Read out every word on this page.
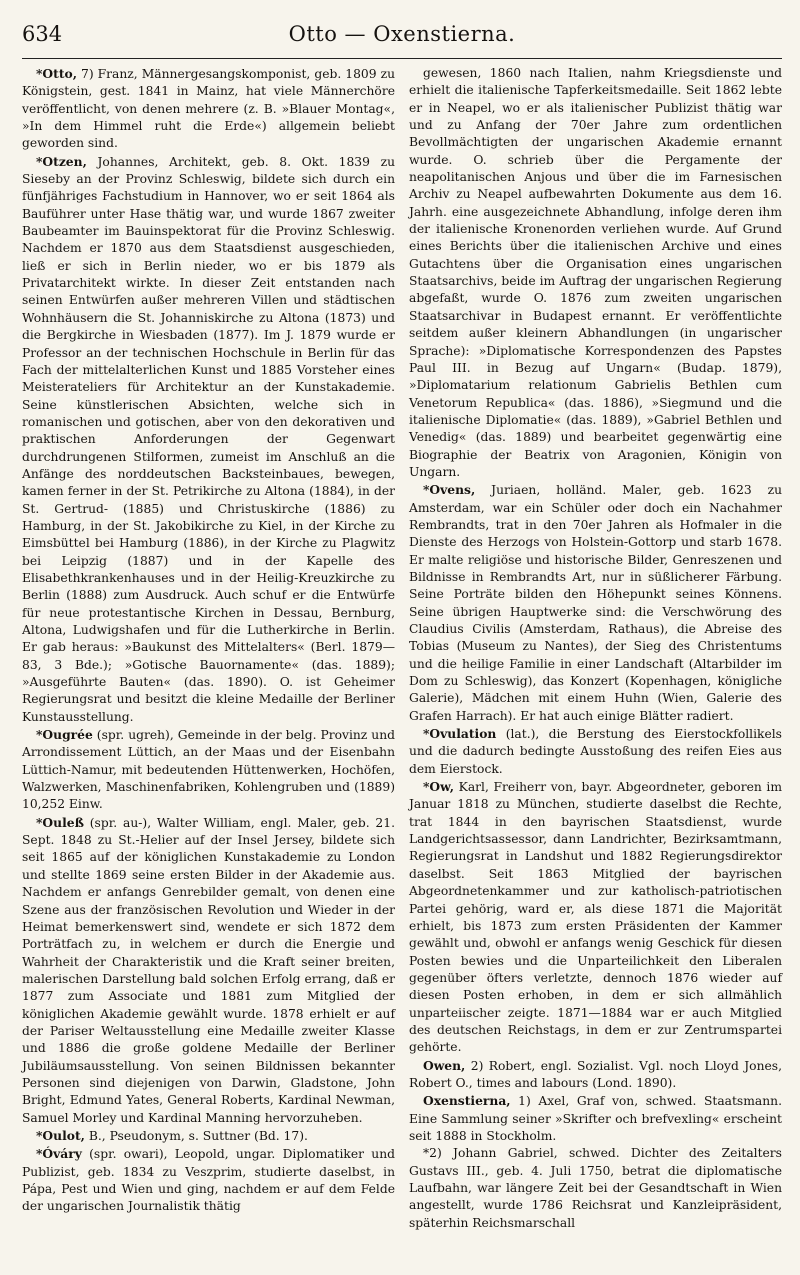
634	Otto — Oxenstierna.

*Otto, 7) Franz, Männergesangskomponist, geb. 1809 zu Königstein, gest. 1841 in Mainz, hat viele Männerchöre veröffentlicht, von denen mehrere (z. B. »Blauer Montag«, »In dem Himmel ruht die Erde«) allgemein beliebt geworden sind.

*Otzen, Johannes, Architekt, geb. 8. Okt. 1839 zu Sieseby an der Provinz Schleswig, bildete sich durch ein fünfjähriges Fachstudium in Hannover, wo er seit 1864 als Bauführer unter Hase thätig war, und wurde 1867 zweiter Baubeamter im Bauinspektorat für die Provinz Schleswig. Nachdem er 1870 aus dem Staatsdienst ausgeschieden, ließ er sich in Berlin nieder, wo er bis 1879 als Privatarchitekt wirkte. In dieser Zeit entstanden nach seinen Entwürfen außer mehreren Villen und städtischen Wohnhäusern die St. Johanniskirche zu Altona (1873) und die Bergkirche in Wiesbaden (1877). Im J. 1879 wurde er Professor an der technischen Hochschule in Berlin für das Fach der mittelalterlichen Kunst und 1885 Vorsteher eines Meisterateliers für Architektur an der Kunstakademie. Seine künstlerischen Absichten, welche sich in romanischen und gotischen, aber von den dekorativen und praktischen Anforderungen der Gegenwart durchdrungenen Stilformen, zumeist im Anschluß an die Anfänge des norddeutschen Backsteinbaues, bewegen, kamen ferner in der St. Petrikirche zu Altona (1884), in der St. Gertrud- (1885) und Christuskirche (1886) zu Hamburg, in der St. Jakobikirche zu Kiel, in der Kirche zu Eimsbüttel bei Hamburg (1886), in der Kirche zu Plagwitz bei Leipzig (1887) und in der Kapelle des Elisabethkrankenhauses und in der Heilig-Kreuzkirche zu Berlin (1888) zum Ausdruck. Auch schuf er die Entwürfe für neue protestantische Kirchen in Dessau, Bernburg, Altona, Ludwigshafen und für die Lutherkirche in Berlin. Er gab heraus: »Baukunst des Mittelalters« (Berl. 1879—83, 3 Bde.); »Gotische Bauornamente« (das. 1889); »Ausgeführte Bauten« (das. 1890). O. ist Geheimer Regierungsrat und besitzt die kleine Medaille der Berliner Kunstausstellung.

*Ougrée (spr. ugreh), Gemeinde in der belg. Provinz und Arrondissement Lüttich, an der Maas und der Eisenbahn Lüttich-Namur, mit bedeutenden Hüttenwerken, Hochöfen, Walzwerken, Maschinenfabriken, Kohlengruben und (1889) 10,252 Einw.

*Ouleß (spr. au-), Walter William, engl. Maler, geb. 21. Sept. 1848 zu St.-Helier auf der Insel Jersey, bildete sich seit 1865 auf der königlichen Kunstakademie zu London und stellte 1869 seine ersten Bilder in der Akademie aus. Nachdem er anfangs Genrebilder gemalt, von denen eine Szene aus der französischen Revolution und Wieder in der Heimat bemerkenswert sind, wendete er sich 1872 dem Porträtfach zu, in welchem er durch die Energie und Wahrheit der Charakteristik und die Kraft seiner breiten, malerischen Darstellung bald solchen Erfolg errang, daß er 1877 zum Associate und 1881 zum Mitglied der königlichen Akademie gewählt wurde. 1878 erhielt er auf der Pariser Weltausstellung eine Medaille zweiter Klasse und 1886 die große goldene Medaille der Berliner Jubiläumsausstellung. Von seinen Bildnissen bekannter Personen sind diejenigen von Darwin, Gladstone, John Bright, Edmund Yates, General Roberts, Kardinal Newman, Samuel Morley und Kardinal Manning hervorzuheben.

*Oulot, B., Pseudonym, s. Suttner (Bd. 17).

*Óváry (spr. owari), Leopold, ungar. Diplomatiker und Publizist, geb. 1834 zu Veszprim, studierte daselbst, in Pápa, Pest und Wien und ging, nachdem er auf dem Felde der ungarischen Journalistik thätig

gewesen, 1860 nach Italien, nahm Kriegsdienste und erhielt die italienische Tapferkeitsmedaille. Seit 1862 lebte er in Neapel, wo er als italienischer Publizist thätig war und zu Anfang der 70er Jahre zum ordentlichen Bevollmächtigten der ungarischen Akademie ernannt wurde. O. schrieb über die Pergamente der neapolitanischen Anjous und über die im Farnesischen Archiv zu Neapel aufbewahrten Dokumente aus dem 16. Jahrh. eine ausgezeichnete Abhandlung, infolge deren ihm der italienische Kronenorden verliehen wurde. Auf Grund eines Berichts über die italienischen Archive und eines Gutachtens über die Organisation eines ungarischen Staatsarchivs, beide im Auftrag der ungarischen Regierung abgefaßt, wurde O. 1876 zum zweiten ungarischen Staatsarchivar in Budapest ernannt. Er veröffentlichte seitdem außer kleinern Abhandlungen (in ungarischer Sprache): »Diplomatische Korrespondenzen des Papstes Paul III. in Bezug auf Ungarn« (Budap. 1879), »Diplomatarium relationum Gabrielis Bethlen cum Venetorum Republica« (das. 1886), »Siegmund und die italienische Diplomatie« (das. 1889), »Gabriel Bethlen und Venedig« (das. 1889) und bearbeitet gegenwärtig eine Biographie der Beatrix von Aragonien, Königin von Ungarn.

*Ovens, Juriaen, holländ. Maler, geb. 1623 zu Amsterdam, war ein Schüler oder doch ein Nachahmer Rembrandts, trat in den 70er Jahren als Hofmaler in die Dienste des Herzogs von Holstein-Gottorp und starb 1678. Er malte religiöse und historische Bilder, Genreszenen und Bildnisse in Rembrandts Art, nur in süßlicherer Färbung. Seine Porträte bilden den Höhepunkt seines Könnens. Seine übrigen Hauptwerke sind: die Verschwörung des Claudius Civilis (Amsterdam, Rathaus), die Abreise des Tobias (Museum zu Nantes), der Sieg des Christentums und die heilige Familie in einer Landschaft (Altarbilder im Dom zu Schleswig), das Konzert (Kopenhagen, königliche Galerie), Mädchen mit einem Huhn (Wien, Galerie des Grafen Harrach). Er hat auch einige Blätter radiert.

*Ovulation (lat.), die Berstung des Eierstockfollikels und die dadurch bedingte Ausstoßung des reifen Eies aus dem Eierstock.

*Ow, Karl, Freiherr von, bayr. Abgeordneter, geboren im Januar 1818 zu München, studierte daselbst die Rechte, trat 1844 in den bayrischen Staatsdienst, wurde Landgerichtsassessor, dann Landrichter, Bezirksamtmann, Regierungsrat in Landshut und 1882 Regierungsdirektor daselbst. Seit 1863 Mitglied der bayrischen Abgeordnetenkammer und zur katholisch-patriotischen Partei gehörig, ward er, als diese 1871 die Majorität erhielt, bis 1873 zum ersten Präsidenten der Kammer gewählt und, obwohl er anfangs wenig Geschick für diesen Posten bewies und die Unparteilichkeit den Liberalen gegenüber öfters verletzte, dennoch 1876 wieder auf diesen Posten erhoben, in dem er sich allmählich unparteiischer zeigte. 1871—1884 war er auch Mitglied des deutschen Reichstags, in dem er zur Zentrumspartei gehörte.

Owen, 2) Robert, engl. Sozialist. Vgl. noch Lloyd Jones, Robert O., times and labours (Lond. 1890).

Oxenstierna, 1) Axel, Graf von, schwed. Staatsmann. Eine Sammlung seiner »Skrifter och brefvexling« erscheint seit 1888 in Stockholm.

*2) Johann Gabriel, schwed. Dichter des Zeitalters Gustavs III., geb. 4. Juli 1750, betrat die diplomatische Laufbahn, war längere Zeit bei der Gesandtschaft in Wien angestellt, wurde 1786 Reichsrat und Kanzleipräsident, späterhin Reichsmarschall
